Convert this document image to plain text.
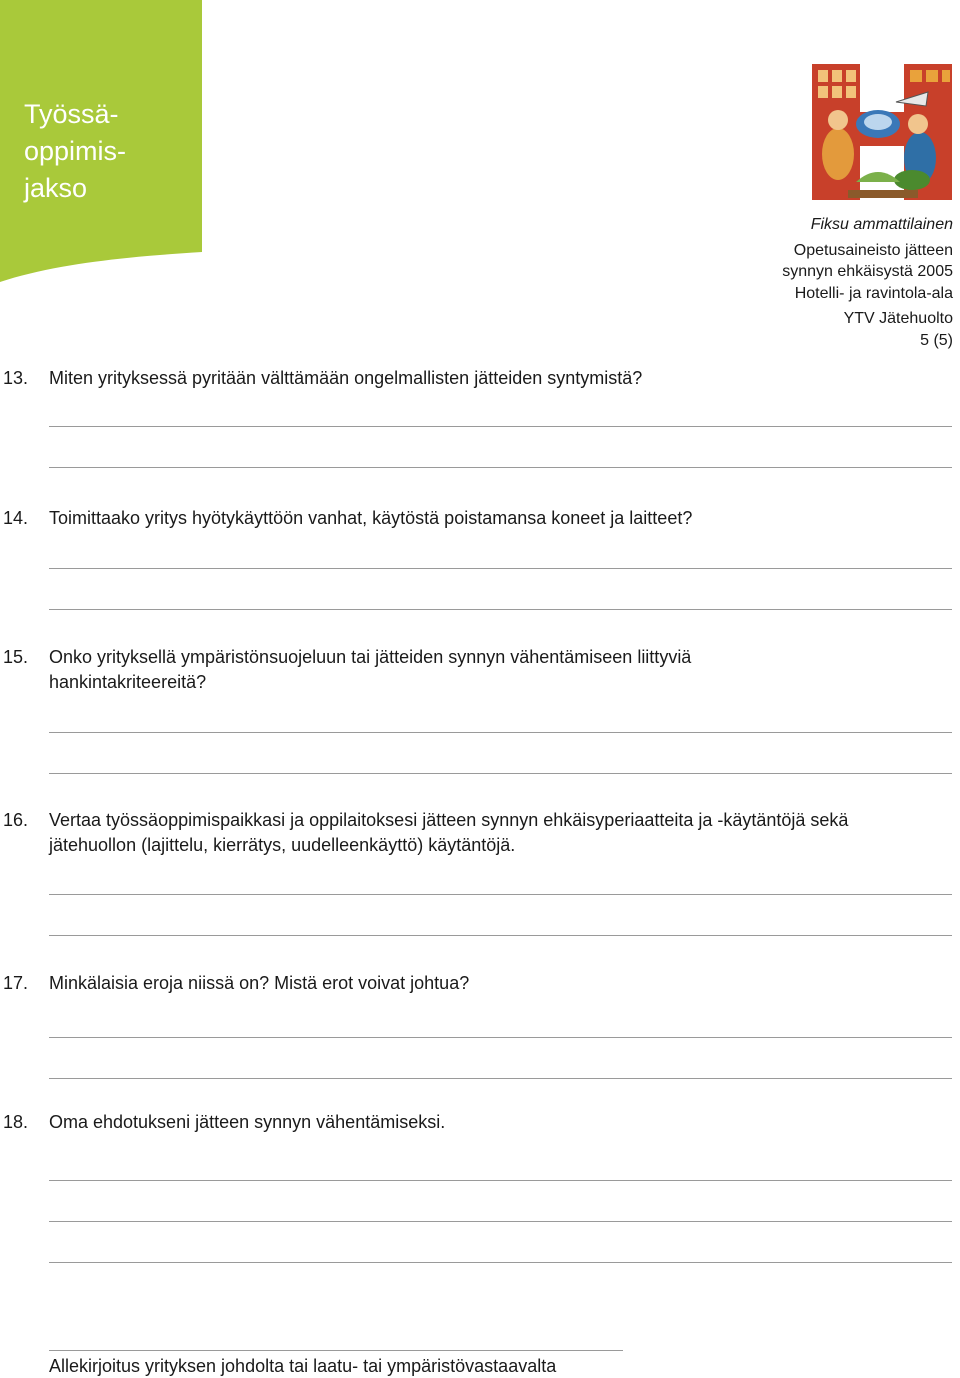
Työssä-
oppimis-
jakso
Fiksu ammattilainen
Opetusaineisto jätteen
synnyn ehkäisystä 2005
Hotelli- ja ravintola-ala
YTV Jätehuolto
5 (5)
13. Miten yrityksessä pyritään välttämään ongelmallisten jätteiden syntymistä?
14. Toimittaako yritys hyötykäyttöön vanhat, käytöstä poistamansa koneet ja laitteet?
15. Onko yrityksellä ympäristönsuojeluun tai jätteiden synnyn vähentämiseen liittyviä hankintakriteereitä?
16. Vertaa työssäoppimispaikkasi ja oppilaitoksesi jätteen synnyn ehkäisyperiaatteita ja -käytäntöjä sekä jätehuollon (lajittelu, kierrätys, uudelleenkäyttö) käytäntöjä.
17. Minkälaisia eroja niissä on? Mistä erot voivat johtua?
18. Oma ehdotukseni jätteen synnyn vähentämiseksi.
Allekirjoitus yrityksen johdolta tai laatu- tai ympäristövastaavalta
